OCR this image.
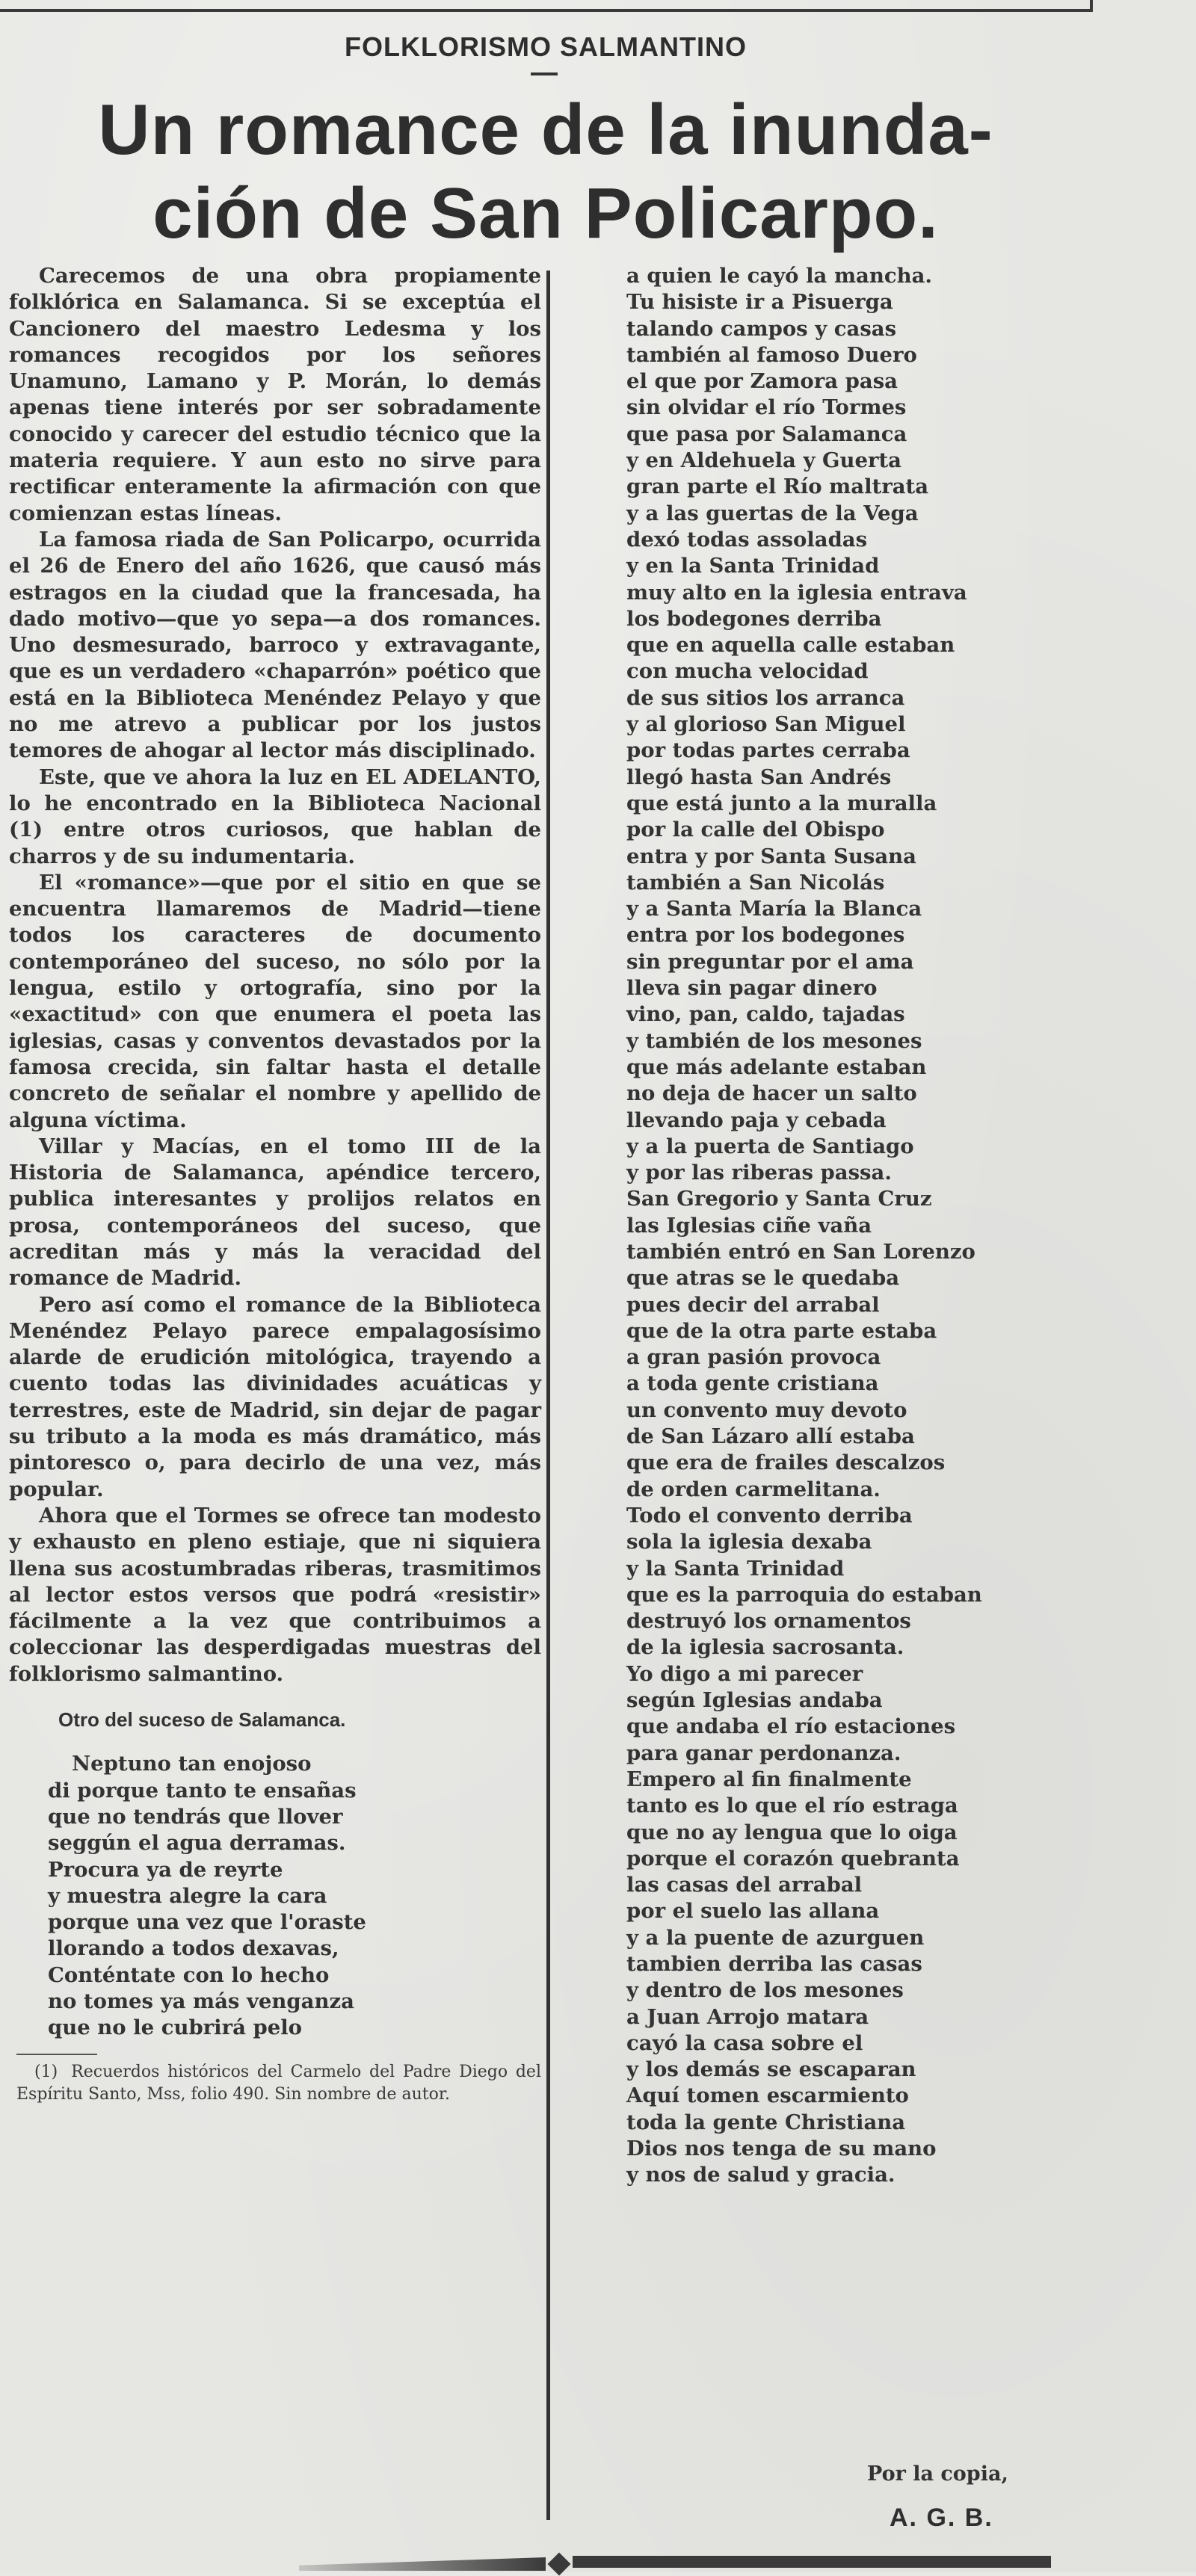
FOLKLORISMO SALMANTINO
Un romance de la inunda-
ción de San Policarpo.

Carecemos de una obra propiamente folklórica en Salamanca. Si se exceptúa el Cancionero del maestro Ledesma y los romances recogidos por los señores Unamuno, Lamano y P. Morán, lo demás apenas tiene interés por ser sobradamente conocido y carecer del estudio técnico que la materia requiere. Y aun esto no sirve para rectificar enteramente la afirmación con que comienzan estas líneas.

La famosa riada de San Policarpo, ocurrida el 26 de Enero del año 1626, que causó más estragos en la ciudad que la francesada, ha dado motivo—que yo sepa—a dos romances. Uno desmesurado, barroco y extravagante, que es un verdadero «chaparrón» poético que está en la Biblioteca Menéndez Pelayo y que no me atrevo a publicar por los justos temores de ahogar al lector más disciplinado.

Este, que ve ahora la luz en EL ADELANTO, lo he encontrado en la Biblioteca Nacional (1) entre otros curiosos, que hablan de charros y de su indumentaria.

El «romance»—que por el sitio en que se encuentra llamaremos de Madrid—tiene todos los caracteres de documento contemporáneo del suceso, no sólo por la lengua, estilo y ortografía, sino por la «exactitud» con que enumera el poeta las iglesias, casas y conventos devastados por la famosa crecida, sin faltar hasta el detalle concreto de señalar el nombre y apellido de alguna víctima.

Villar y Macías, en el tomo III de la Historia de Salamanca, apéndice tercero, publica interesantes y prolijos relatos en prosa, contemporáneos del suceso, que acreditan más y más la veracidad del romance de Madrid.

Pero así como el romance de la Biblioteca Menéndez Pelayo parece empalagosísimo alarde de erudición mitológica, trayendo a cuento todas las divinidades acuáticas y terrestres, este de Madrid, sin dejar de pagar su tributo a la moda es más dramático, más pintoresco o, para decirlo de una vez, más popular.

Ahora que el Tormes se ofrece tan modesto y exhausto en pleno estiaje, que ni siquiera llena sus acostumbradas riberas, trasmitimos al lector estos versos que podrá «resistir» fácilmente a la vez que contribuimos a coleccionar las desperdigadas muestras del folklorismo salmantino.

Otro del suceso de Salamanca.
Neptuno tan enojoso
di porque tanto te ensañas
que no tendrás que llover
seggún el agua derramas.
Procura ya de reyrte
y muestra alegre la cara
porque una vez que l'oraste
llorando a todos dexavas,
Conténtate con lo hecho
no tomes ya más venganza
que no le cubrirá pelo
(1) Recuerdos históricos del Carmelo del Padre Diego del Espíritu Santo, Mss, folio 490. Sin nombre de autor.
a quien le cayó la mancha.
Tu hisiste ir a Pisuerga
talando campos y casas
también al famoso Duero
el que por Zamora pasa
sin olvidar el río Tormes
que pasa por Salamanca
y en Aldehuela y Guerta
gran parte el Río maltrata
y a las guertas de la Vega
dexó todas assoladas
y en la Santa Trinidad
muy alto en la iglesia entrava
los bodegones derriba
que en aquella calle estaban
con mucha velocidad
de sus sitios los arranca
y al glorioso San Miguel
por todas partes cerraba
llegó hasta San Andrés
que está junto a la muralla
por la calle del Obispo
entra y por Santa Susana
también a San Nicolás
y a Santa María la Blanca
entra por los bodegones
sin preguntar por el ama
lleva sin pagar dinero
vino, pan, caldo, tajadas
y también de los mesones
que más adelante estaban
no deja de hacer un salto
llevando paja y cebada
y a la puerta de Santiago
y por las riberas passa.
San Gregorio y Santa Cruz
las Iglesias ciñe vaña
también entró en San Lorenzo
que atras se le quedaba
pues decir del arrabal
que de la otra parte estaba
a gran pasión provoca
a toda gente cristiana
un convento muy devoto
de San Lázaro allí estaba
que era de frailes descalzos
de orden carmelitana.
Todo el convento derriba
sola la iglesia dexaba
y la Santa Trinidad
que es la parroquia do estaban
destruyó los ornamentos
de la iglesia sacrosanta.
Yo digo a mi parecer
según Iglesias andaba
que andaba el río estaciones
para ganar perdonanza.
Empero al fin finalmente
tanto es lo que el río estraga
que no ay lengua que lo oiga
porque el corazón quebranta
las casas del arrabal
por el suelo las allana
y a la puente de azurguen
tambien derriba las casas
y dentro de los mesones
a Juan Arrojo matara
cayó la casa sobre el
y los demás se escaparan
Aquí tomen escarmiento
toda la gente Christiana
Dios nos tenga de su mano
y nos de salud y gracia.
Por la copia,
A. G. B.
